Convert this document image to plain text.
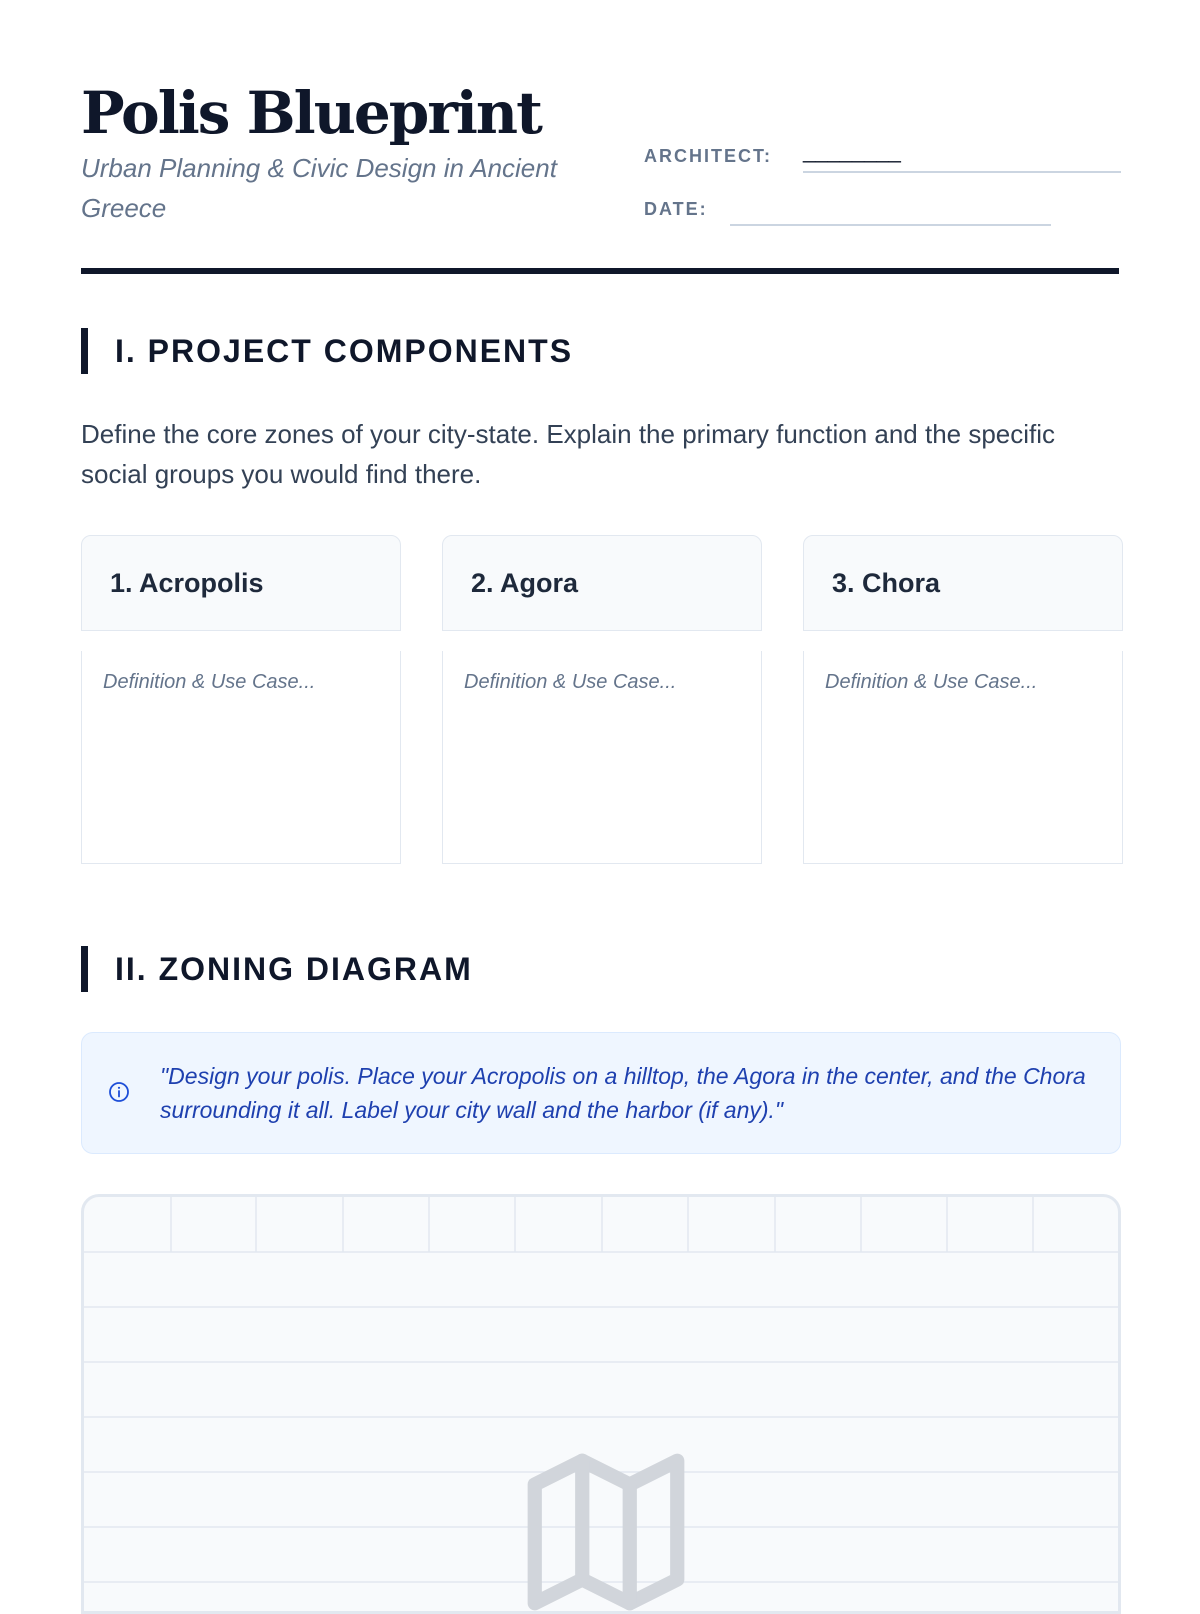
Polis Blueprint
Urban Planning & Civic Design in Ancient Greece
ARCHITECT: ________
DATE:
I. PROJECT COMPONENTS
Define the core zones of your city-state. Explain the primary function and the specific social groups you would find there.
1. Acropolis
Definition & Use Case...
2. Agora
Definition & Use Case...
3. Chora
Definition & Use Case...
II. ZONING DIAGRAM
"Design your polis. Place your Acropolis on a hilltop, the Agora in the center, and the Chora surrounding it all. Label your city wall and the harbor (if any)."
